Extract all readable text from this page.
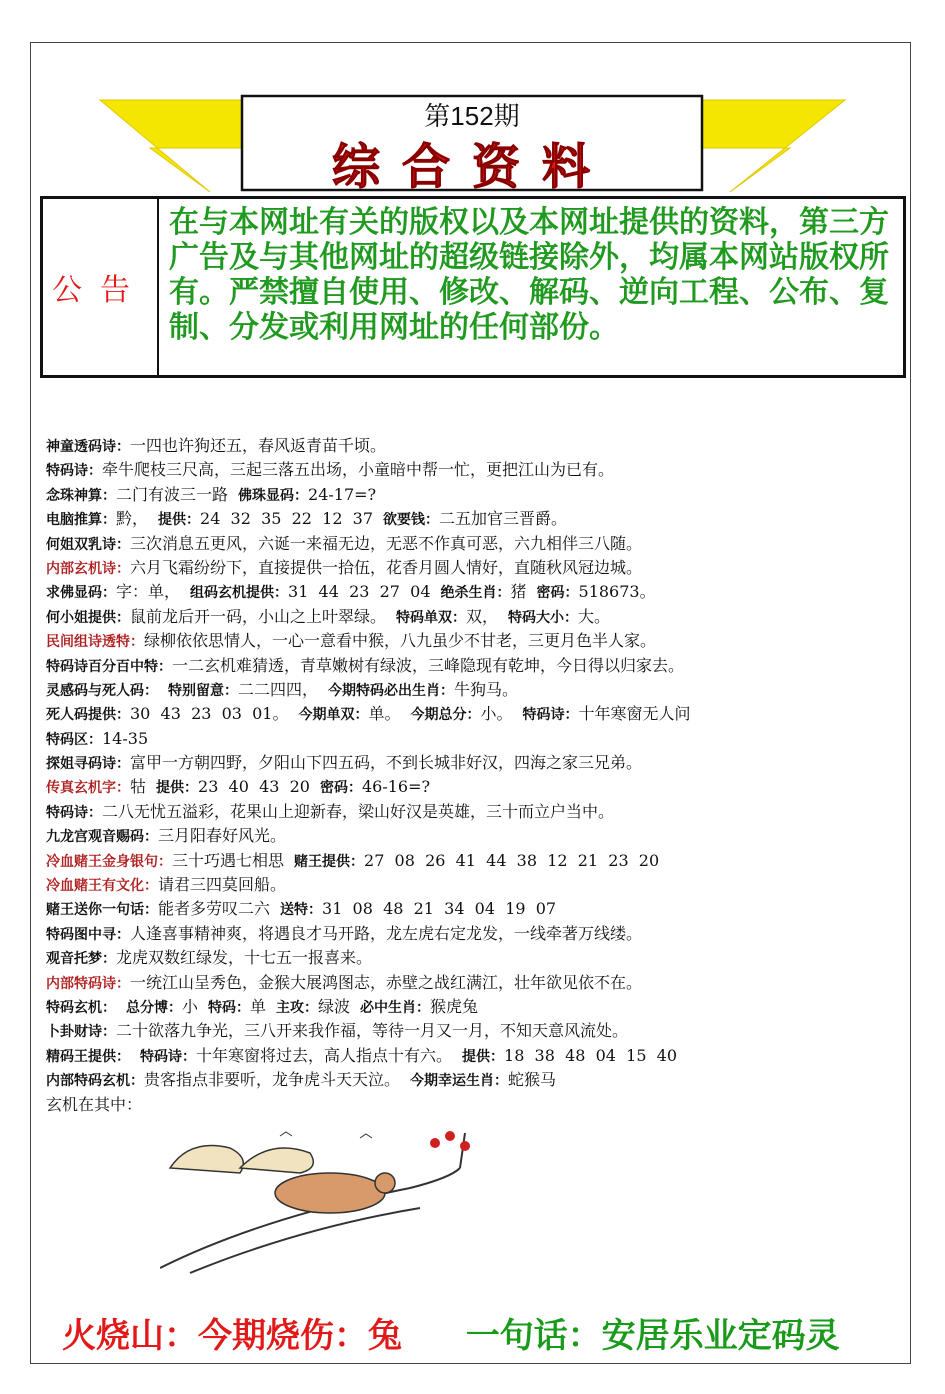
第152期
综合资料
公告
在与本网址有关的版权以及本网址提供的资料，第三方广告及与其他网址的超级链接除外，均属本网站版权所有。严禁擅自使用、修改、解码、逆向工程、公布、复制、分发或利用网址的任何部份。
神童透码诗：一四也许狗还五，春风返青苗千顷。
特码诗：牵牛爬枝三尺高，三起三落五出场，小童暗中帮一忙，更把江山为已有。
念珠神算：二门有波三一路 佛珠显码：24-17=?
电脑推算：黔， 提供：24  32  35  22  12  37 欲要钱：二五加官三晋爵。
何姐双乳诗：三次消息五更风，六诞一来福无边，无恶不作真可恶，六九相伴三八随。
内部玄机诗：六月飞霜纷纷下，直接提供一拾伍，花香月圆人情好，直随秋风冠边城。
求佛显码：字：单， 组码玄机提供：31  44  23  27  04 绝杀生肖：猪 密码：518673。
何小姐提供：鼠前龙后开一码，小山之上叶翠绿。 特码单双：双， 特码大小：大。
民间组诗透特：绿柳依依思情人，一心一意看中猴，八九虽少不甘老，三更月色半人家。
特码诗百分百中特：一二玄机难猜透，青草嫩树有绿波，三峰隐现有乾坤，今日得以归家去。
灵感码与死人码： 特别留意：二二四四， 今期特码必出生肖：牛狗马。
死人码提供：30  43  23  03  01。 今期单双：单。 今期总分：小。 特码诗：十年寒窗无人问
特码区：14-35
探姐寻码诗：富甲一方朝四野，夕阳山下四五码，不到长城非好汉，四海之家三兄弟。
传真玄机字：牯 提供：23  40  43  20 密码：46-16=?
特码诗：二八无忧五溢彩，花果山上迎新春，梁山好汉是英雄，三十而立户当中。
九龙宫观音赐码：三月阳春好风光。
冷血赌王金身银句：三十巧遇七相思 赌王提供：27  08  26  41  44  38  12  21  23  20
冷血赌王有文化：请君三四莫回船。
赌王送你一句话：能者多劳叹二六 送特：31  08  48  21  34  04  19  07
特码图中寻：人逢喜事精神爽，将遇良才马开路，龙左虎右定龙发，一线牵著万线缕。
观音托梦：龙虎双数红绿发，十七五一报喜来。
内部特码诗：一统江山呈秀色，金猴大展鸿图志，赤壁之战红满江，壮年欲见依不在。
特码玄机： 总分博：小 特码：单 主攻：绿波 必中生肖：猴虎兔
卜卦财诗：二十欲落九争光，三八开来我作福，等待一月又一月，不知天意风流处。
精码王提供： 特码诗：十年寒窗将过去，高人指点十有六。 提供：18  38  48  04  15  40
内部特码玄机：贵客指点非要听，龙争虎斗天天泣。 今期幸运生肖：蛇猴马
玄机在其中：
火烧山：今期烧伤：兔 一句话：安居乐业定码灵
